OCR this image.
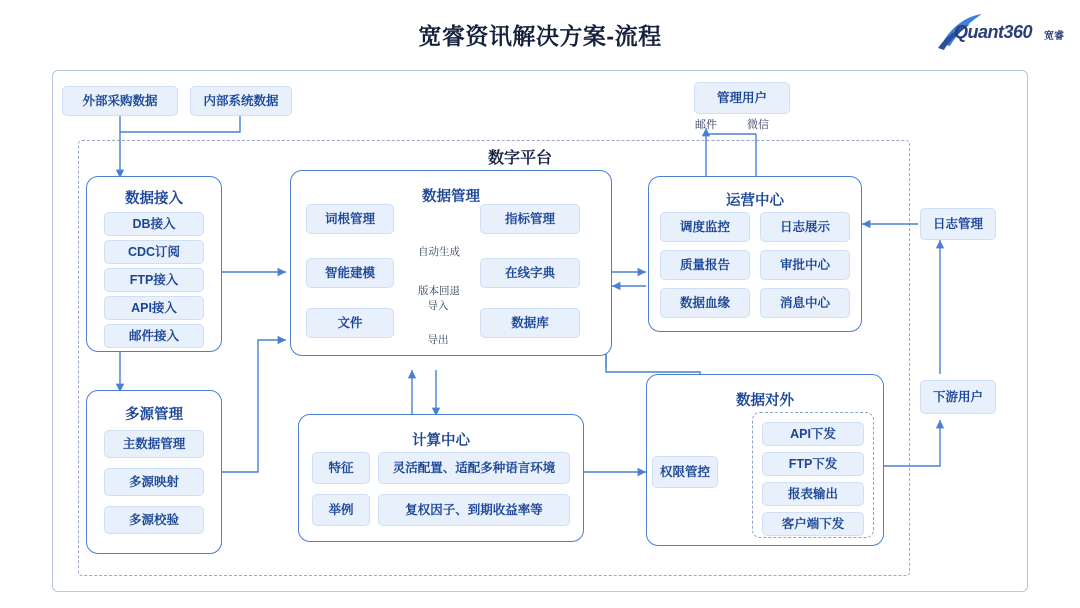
宽睿资讯解决方案-流程	Quant360 宽睿
数字平台
外部采购数据	内部系统数据
数据接入
DB接入
CDC订阅
FTP接入
API接入
邮件接入
多源管理
主数据管理
多源映射
多源校验
数据管理
词根管理	指标管理
智能建模	在线字典
文件	数据库
自动生成
版本回退
导入
导出
计算中心
特征	灵活配置、适配多种语言环境
举例	复权因子、到期收益率等
运营中心
调度监控	日志展示
质量报告	审批中心
数据血缘	消息中心
管理用户
邮件	微信
日志管理
下游用户
数据对外
权限管控
API下发
FTP下发
报表输出
客户端下发
